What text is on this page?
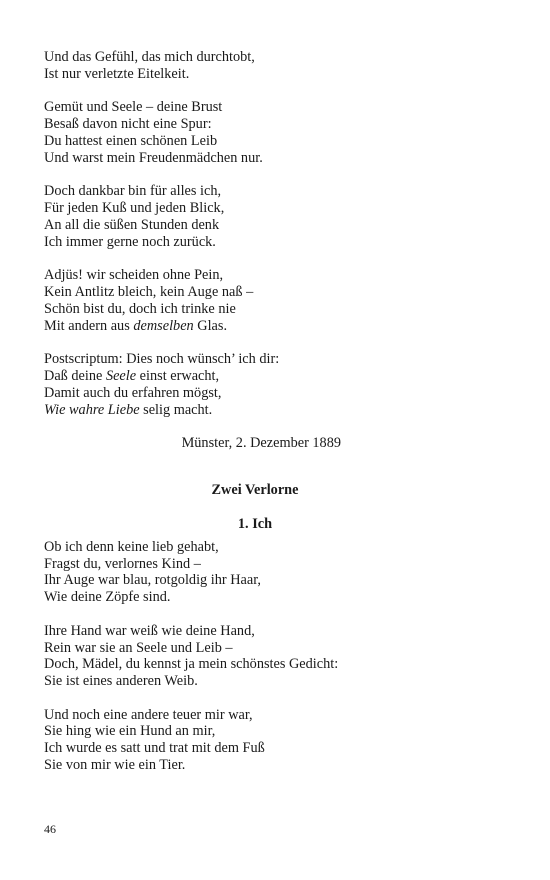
Und das Gefühl, das mich durchtobt,
Ist nur verletzte Eitelkeit.
Gemüt und Seele – deine Brust
Besaß davon nicht eine Spur:
Du hattest einen schönen Leib
Und warst mein Freudenmädchen nur.
Doch dankbar bin für alles ich,
Für jeden Kuß und jeden Blick,
An all die süßen Stunden denk
Ich immer gerne noch zurück.
Adjüs! wir scheiden ohne Pein,
Kein Antlitz bleich, kein Auge naß –
Schön bist du, doch ich trinke nie
Mit andern aus demselben Glas.
Postscriptum: Dies noch wünsch’ ich dir:
Daß deine Seele einst erwacht,
Damit auch du erfahren mögst,
Wie wahre Liebe selig macht.
Münster, 2. Dezember 1889
Zwei Verlorne
1. Ich
Ob ich denn keine lieb gehabt,
Fragst du, verlornes Kind –
Ihr Auge war blau, rotgoldig ihr Haar,
Wie deine Zöpfe sind.
Ihre Hand war weiß wie deine Hand,
Rein war sie an Seele und Leib –
Doch, Mädel, du kennst ja mein schönstes Gedicht:
Sie ist eines anderen Weib.
Und noch eine andere teuer mir war,
Sie hing wie ein Hund an mir,
Ich wurde es satt und trat mit dem Fuß
Sie von mir wie ein Tier.
46
